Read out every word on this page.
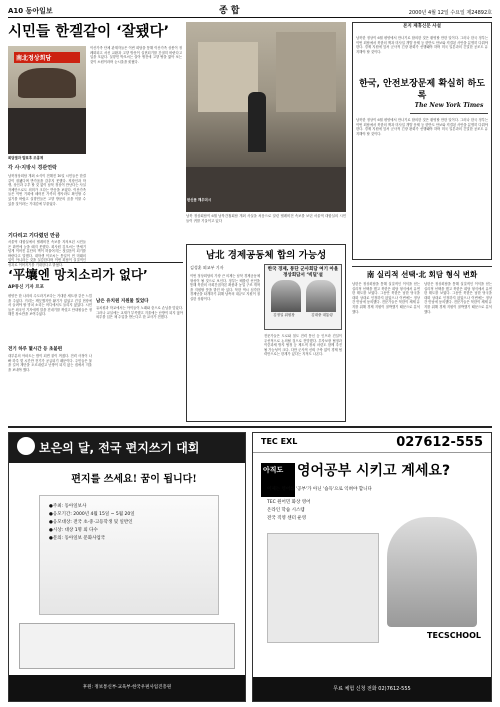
A10 동아일보	종합	2000년 4월 12일 수요일 제24892호
시민들 한겔같이 ‘잘됐다’
南北정상회담
회담결과 발표후 조흥제
각 사·지방시 경관연락
남북정상회담 개최 소식이 전해진 10일 시민들은 한결같이 잘됐다며 반가움을 감추지 못했다. 직장인과 학생, 상인과 주부 할 것 없이 남북 정상이 만난다는 사실 자체만으로도 의미가 크다는 반응을 보였다. 이산가족들은 이번 기회에 헤어진 가족의 생사라도 확인할 수 있기를 바랐고 실향민들은 고향 방문의 꿈을 이룰 수 있을 것이라는 기대감에 부풀었다.
기다리고 기다렸던 만큼
서울역 대합실에서 텔레비전 속보를 지켜보던 시민들은 화면에 눈을 떼지 못했다. 회사원 김모씨는 반세기 넘게 이어진 분단의 벽이 허물어지는 첫걸음이 되기를 바란다고 말했다. 대학생 이모씨는 통일이 먼 미래의 일이 아니라는 것을 실감한다며 이번 회담이 실질적인 성과로 이어지기를 기대한다고 밝혔다.
이산가족 단체 관계자들은 이번 회담을 통해 이산가족 상봉이 정례화되고 서신 교환과 고향 방문이 실현되기를 간절히 바란다고 입을 모았다. 실향민 박모씨는 살아 생전에 고향 땅을 밟아 보는 것이 소원이라며 눈시울을 붉혔다.
한신문 깨우미시
남북 정상회담이 6월 남북간첩회담 개최 사실을 처음으로 알린 텔레비전 속보를 보던 서울역 대합실의 시민들이 귀를 기울이고 있다
‘平壤엔 망치소리가 없다’
AP통신 기자 르포
평양은 한 나라의 수도라기보다는 거대한 세트장 같은 느낌을 주었다. 거리는 깨끗했지만 활기가 없었고 건설 현장에서 들려야 할 망치 소리는 어디에서도 들리지 않았다. 시민들은 외국인 기자에게 말을 건네기를 꺼렸고 안내원들은 정해진 장소만을 보여주었다.
전기 하루 몇시간 등 초불편
대부분의 아파트는 밤이 되면 불이 꺼졌다. 전력 사정이 나빠 하루 몇 시간만 전기가 공급되기 때문이다. 주민들은 물을 길어 계단을 오르내렸고 난방이 되지 않는 집에서 겨울을 보내야 했다.
남은 유치원 지원물 있었다
유치원과 학교에서는 아이들이 노래와 춤으로 손님을 맞았다. 그러나 교실에는 교재가 부족했고 겨울에는 난방이 되지 않아 외투를 입은 채 수업을 받는다고 한 교사가 전했다.
남北 경제공동체 합의 가능성
김성훈 외교부 기자
이번 정상회담의 가장 큰 의제는 남북 경제공동체 형성이 될 것으로 보인다. 정부는 베를린 선언을 통해 북한의 사회간접자본 확충과 농업 구조 개혁을 지원할 뜻을 밝힌 바 있다. 북한 역시 심각한 경제난을 타개하기 위해 남측의 대규모 지원이 절실한 상황이다.
한국 경제, 통단 군사회담 여기 아울 정상회담서 ‘빅딜’설
김정일 위원장	김대중 대통령
전문가들은 도로와 철도 전력 통신 등 인프라 건설이 우선적으로 논의될 것으로 전망했다. 투자보장 협정과 이중과세 방지 협정 등 제도적 장치 마련도 함께 추진될 가능성이 크다. 다만 군사적 신뢰 구축 없이 경제 협력만으로는 한계가 있다는 지적도 나온다.
본지 제휴신문 사설
한국, 안전보장문제 확실히 하도록
The New York Times
남북한 정상이 6월 평양에서 만나기로 합의한 것은 환영할 만한 일이다. 그러나 한국 정부는 이번 회담에서 북한의 핵과 미사일 개발 문제 등 한반도 안보와 직결된 사안을 분명히 다뤄야 한다. 경제 지원에 앞서 군사적 긴장 완화가 선행돼야 하며 미국 일본과의 긴밀한 공조도 유지해야 할 것이다.
남북한 정상이 6월 평양에서 만나기로 합의한 것은 환영할 만한 일이다. 그러나 한국 정부는 이번 회담에서 북한의 핵과 미사일 개발 문제 등 한반도 안보와 직결된 사안을 분명히 다뤄야 한다. 경제 지원에 앞서 군사적 긴장 완화가 선행돼야 하며 미국 일본과의 긴밀한 공조도 유지해야 할 것이다.
南 실리적 선택·北 회담 형식 변화
남한은 정상회담을 통해 실질적인 이익을 얻는 실리적 선택을 했고 북한은 회담 형식에서 유연한 태도를 보였다. 그동안 북한은 남한 당국을 대화 상대로 인정하지 않았으나 이번에는 정상 간 만남에 동의했다. 전문가들은 북한이 체제 유지를 위해 경제 지원이 절박했기 때문으로 분석했다.
남한은 정상회담을 통해 실질적인 이익을 얻는 실리적 선택을 했고 북한은 회담 형식에서 유연한 태도를 보였다. 그동안 북한은 남한 당국을 대화 상대로 인정하지 않았으나 이번에는 정상 간 만남에 동의했다. 전문가들은 북한이 체제 유지를 위해 경제 지원이 절박했기 때문으로 분석했다.
보은의 달, 전국 편지쓰기 대회
편지를 쓰세요! 꿈이 됩니다!
●주최: 동아일보사
●응모기간: 2000년 4월 15일 ~ 5월 20일
●응모대상: 전국 초·중·고등학생 및 일반인
●시상: 대상 1명 외 다수
●문의: 동아일보 문화사업국
후원: 정보통신부·교육부·한국우편사업진흥원
TEC EXL	027612-555
아직도 영어공부 시키고 계세요?
이제는 영어를 '공부'가 아닌 '습득'으로 익혀야 합니다
TEC 원어민 화상 영어
온라인 학습 시스템
전국 직영 센터 운영
TECSCHOOL
무료 체험 신청 전화 02)7612-555
